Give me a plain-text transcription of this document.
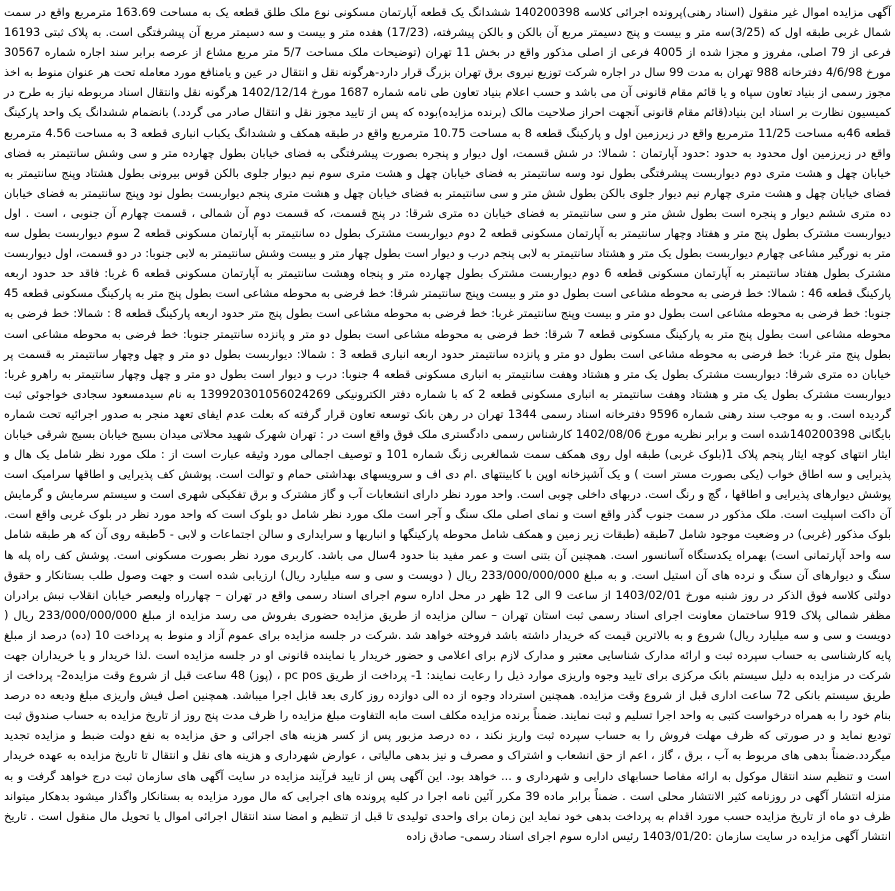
آگهی مزایده اموال غیر منقول (اسناد رهنی)پرونده اجرائی کلاسه 140200398 ششدانگ یک قطعه آپارتمان مسکونی نوع ملک طلق قطعه یک به مساحت 163.69 مترمربع واقع در سمت شمال غربی طبقه اول که (3/25)سه متر و بیست و پنج دسیمتر مربع آن بالکن و بالکن پیشرفته، (17/23) هفده متر و بیست و سه دسیمتر مربع آن پیشرفتگی است. به پلاک ثبتی 16193 فرعی از 79 اصلی، مفروز و مجزا شده از 4005 فرعی از اصلی مذکور واقع در بخش 11 تهران (توضیحات ملک مساحت 5/7 متر مربع مشاع از عرصه برابر سند اجاره شماره 30567 مورخ 4/6/98 دفترخانه 988 تهران به مدت 99 سال در اجاره شرکت توزیع نیروی برق تهران بزرگ قرار دارد-هرگونه نقل و انتقال در عین و یامنافع مورد معامله تحت هر عنوان منوط به اخذ مجوز رسمی از بنیاد تعاون سپاه و یا قائم مقام قانونی آن می باشد و حسب اعلام بنیاد تعاون طی نامه شماره 1687 مورخ 1402/12/14 هرگونه نقل وانتقال اسناد مربوطه نیاز به طرح در کمیسیون نظارت بر اسناد این بنیاد(قائم مقام قانونی آنجهت احراز صلاحیت مالک (برنده مزایده)بوده که پس از تایید مجوز نقل و انتقال صادر می گردد.) بانضمام ششدانگ یک واحد پارکینگ قطعه 46به مساحت 11/25 مترمربع واقع در زیرزمین اول و پارکینگ قطعه 8 به مساحت 10.75 مترمربع واقع در طبقه همکف و ششدانگ یکباب انباری قطعه 3 به مساحت 4.56 مترمربع واقع در زیرزمین اول محدود به حدود :حدود آپارتمان : شمالا: در شش قسمت، اول دیوار و پنجره بصورت پیشرفتگی به فضای خیابان بطول چهارده متر و سی وشش سانتیمتر به فضای خیابان چهل و هشت متری دوم دیواربست پیشرفتگی بطول نود وسه سانتیمتر به فضای خیابان چهل و هشت متری سوم نیم دیوار جلوی بالکن قوس بیرونی بطول هشتاد وپنج سانتیمتر به فضای خیابان چهل و هشت متری چهارم نیم دیوار جلوی بالکن بطول شش متر و سی سانتیمتر به فضای خیابان چهل و هشت متری پنجم دیواربست بطول نود وپنج سانتیمتر به فضای خیابان ده متری ششم دیوار و پنجره است بطول شش متر و سی سانتیمتر به فضای خیابان ده متری شرقا: در پنج قسمت، که قسمت دوم آن شمالی ، قسمت چهارم آن جنوبی ، است . اول دیواربست مشترک بطول پنج متر و هفتاد وچهار سانتیمتر به آپارتمان مسکونی قطعه 2 دوم دیواربست مشترک بطول ده سانتیمتر به آپارتمان مسکونی قطعه 2 سوم دیواربست بطول سه متر به نورگیر مشاعی چهارم دیواربست بطول یک متر و هشتاد سانتیمتر به لابی پنجم درب و دیوار است بطول چهار متر و بیست وشش سانتیمتر به لابی جنوبا: در دو قسمت، اول دیواربست مشترک بطول هفتاد سانتیمتر به آپارتمان مسکونی قطعه 6 دوم دیواربست مشترک بطول چهارده متر و پنجاه وهشت سانتیمتر به آپارتمان مسکونی قطعه 6 غربا: فاقد حد حدود اربعه پارکینگ قطعه 46 : شمالا: خط فرضی به محوطه مشاعی است بطول دو متر و بیست وپنج سانتیمتر شرقا: خط فرضی به محوطه مشاعی است بطول پنج متر به پارکینگ مسکونی قطعه 45 جنوبا: خط فرضی به محوطه مشاعی است بطول دو متر و بیست وپنج سانتیمتر غربا: خط فرضی به محوطه مشاعی است بطول پنج متر حدود اربعه پارکینگ قطعه 8 : شمالا: خط فرضی به محوطه مشاعی است بطول پنج متر به پارکینگ مسکونی قطعه 7 شرقا: خط فرضی به محوطه مشاعی است بطول دو متر و پانزده سانتیمتر جنوبا: خط فرضی به محوطه مشاعی است بطول پنج متر غربا: خط فرضی به محوطه مشاعی است بطول دو متر و پانزده سانتیمتر حدود اربعه انباری قطعه 3 : شمالا: دیواربست بطول دو متر و چهل وچهار سانتیمتر به قسمت پر خیابان ده متری شرقا: دیواربست مشترک بطول یک متر و هشتاد وهفت سانتیمتر به انباری مسکونی قطعه 4 جنوبا: درب و دیوار است بطول دو متر و چهل وچهار سانتیمتر به راهرو غربا: دیواربست مشترک بطول یک متر و هشتاد وهفت سانتیمتر به انباری مسکونی قطعه 2 که با شماره دفتر الکترونیکی 139920301056024269 به نام سیدمسعود سجادی خواجوئی ثبت گردیده است. و به موجب سند رهنی شماره 9596 دفترخانه اسناد رسمی 1344 تهران در رهن بانک توسعه تعاون قرار گرفته که بعلت عدم ایفای تعهد منجر به صدور اجرائیه تحت شماره بایگانی 140200398شده است و برابر نظریه مورخ 1402/08/06 کارشناس رسمی دادگستری ملک فوق واقع است در : تهران شهرک شهید محلاتی میدان بسیج خیابان بسیج شرقی خیابان ایثار انتهای کوچه ایثار پنجم پلاک 1(بلوک غربی) طبقه اول روی همکف سمت شمالغربی زنگ شماره 101 و توصیف اجمالی مورد وثیقه عبارت است از : ملک مورد نظر شامل یک هال و پذیرایی و سه اطاق خواب (یکی بصورت مستر است ) و یک آشپزخانه اوپن با کابینتهای .ام دی اف و سرویسهای بهداشتی حمام و توالت است. پوشش کف پذیرایی و اطاقها سرامیک است پوشش دیوارهای پذیرایی و اطاقها ، گچ و رنگ است. دربهای داخلی چوبی است. واحد مورد نظر دارای انشعابات آب و گاز مشترک و برق تفکیکی شهری است و سیستم سرمایش و گرمایش آن داکت اسپلیت است. ملک مذکور در سمت جنوب گذر واقع است و نمای اصلی ملک سنگ و آجر است ملک مورد نظر شامل دو بلوک است که واحد مورد نظر در بلوک غربی واقع است. بلوک مذکور (غربی) در وضعیت موجود شامل 7طبقه (طبقات زیر زمین و همکف شامل محوطه پارکینگها و انباریها و سرایداری و سالن اجتماعات و لابی - 5طبقه روی آن که هر طبقه شامل سه واحد آپارتمانی است) بهمراه یکدستگاه آسانسور است. همچنین آن بتنی است و عمر مفید بنا حدود 4سال می باشد. کاربری مورد نظر بصورت مسکونی است. پوشش کف راه پله ها سنگ و دیوارهای آن سنگ و نرده های آن استیل است. و به مبلغ 233/000/000/000 ریال ( دویست و سی و سه میلیارد ریال) ارزیابی شده است و جهت وصول طلب بستانکار و حقوق دولتی کلاسه فوق الذکر در روز شنبه مورخ 1403/02/01 از ساعت 9 الی 12 ظهر در محل اداره سوم اجرای اسناد رسمی واقع در تهران – چهارراه ولیعصر خیابان انقلاب نبش برادران مظفر شمالی پلاک 919 ساختمان معاونت اجرای اسناد رسمی ثبت استان تهران – سالن مزایده از طریق مزایده حضوری بفروش می رسد مزایده از مبلغ 233/000/000/000 ریال ( دویست و سی و سه میلیارد ریال) شروع و به بالاترین قیمت که خریدار داشته باشد فروخته خواهد شد .شرکت در جلسه مزایده برای عموم آزاد و منوط به پرداخت 10 (ده) درصد از مبلغ پایه کارشناسی به حساب سپرده ثبت و ارائه مدارک شناسایی معتبر و مدارک لازم برای اعلامی و حضور خریدار یا نماینده قانونی او در جلسه مزایده است .لذا خریدار و یا خریداران جهت شرکت در مزایده به دلیل سیستم بانک مرکزی برای تایید وجوه واریزی موارد ذیل را رعایت نمایند: 1- پرداخت از طریق pc pos ، (پوز) 48 ساعت قبل از شروع وقت مزایده2- پرداخت از طریق سیستم بانکی 72 ساعت اداری قبل از شروع وقت مزایده. همچنین استرداد وجوه از ده الی دوازده روز کاری بعد قابل اجرا میباشد. همچنین اصل فیش واریزی مبلغ ودیعه ده درصد بنام خود را به همراه درخواست کتبی به واحد اجرا تسلیم و ثبت نمایند. ضمناً برنده مزایده مکلف است مابه التفاوت مبلغ مزایده را ظرف مدت پنج روز از تاریخ مزایده به حساب صندوق ثبت تودیع نماید و در صورتی که ظرف مهلت فروش را به حساب سپرده ثبت واریز نکند ، ده درصد مزبور پس از کسر هزینه های اجرائی و حق مزایده به نفع دولت ضبط و مزایده تجدید میگردد.ضمناً بدهی های مربوط به آب ، برق ، گاز ، اعم از حق انشعاب و اشتراک و مصرف و نیز بدهی مالیاتی ، عوارض شهرداری و هزینه های نقل و انتقال تا تاریخ مزایده به عهده خریدار است و تنظیم سند انتقال موکول به ارائه مفاصا حسابهای دارایی و شهرداری و ... خواهد بود. این آگهی پس از تایید فرآیند مزایده در سایت آگهی های سازمان ثبت درج خواهد گرفت و به منزله انتشار آگهی در روزنامه کثیر الانتشار محلی است . ضمناً برابر ماده 39 مکرر آئین نامه اجرا در کلیه پرونده های اجرایی که مال مورد مزایده به بستانکار واگذار میشود بدهکار میتواند ظرف دو ماه از تاریخ مزایده حسب مورد اقدام به پرداخت بدهی خود نماید این زمان برای واحدی تولیدی تا قبل از تنظیم و امضا سند انتقال اجرائی اموال یا تحویل مال منقول است . تاریخ انتشار آگهی مزایده در سایت سازمان :1403/01/20 رئیس اداره سوم اجرای اسناد رسمی- صادق زاده
